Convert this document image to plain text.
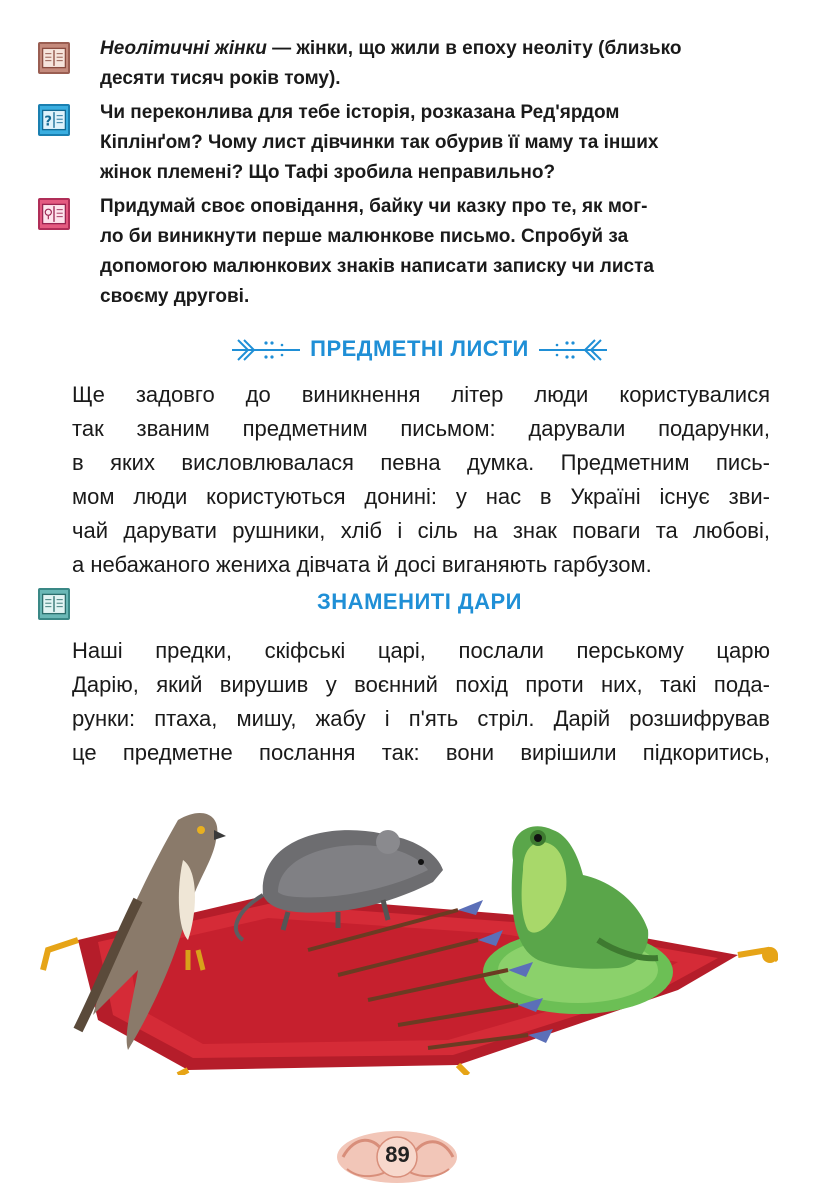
Неолітичні жінки — жінки, що жили в епоху неоліту (близько
десяти тисяч років тому).
?	Чи переконлива для тебе історія, розказана Ред'ярдом
Кіплінґом? Чому лист дівчинки так обурив її маму та інших
жінок племені? Що Тафі зробила неправильно?
Придумай своє оповідання, байку чи казку про те, як мог-
ло би виникнути перше малюнкове письмо. Спробуй за
допомогою малюнкових знаків написати записку чи листа
своєму другові.
ПРЕДМЕТНІ ЛИСТИ
Ще задовго до виникнення літер люди користувалися
так званим предметним письмом: дарували подарунки,
в яких висловлювалася певна думка. Предметним пись-
мом люди користуються донині: у нас в Україні існує зви-
чай дарувати рушники, хліб і сіль на знак поваги та любові,
а небажаного жениха дівчата й досі виганяють гарбузом.
ЗНАМЕНИТІ ДАРИ
Наші предки, скіфські царі, послали перському царю
Дарію, який вирушив у воєнний похід проти них, такі пода-
рунки: птаха, мишу, жабу і п'ять стріл. Дарій розшифрував
це предметне послання так: вони вирішили підкоритись,
89
